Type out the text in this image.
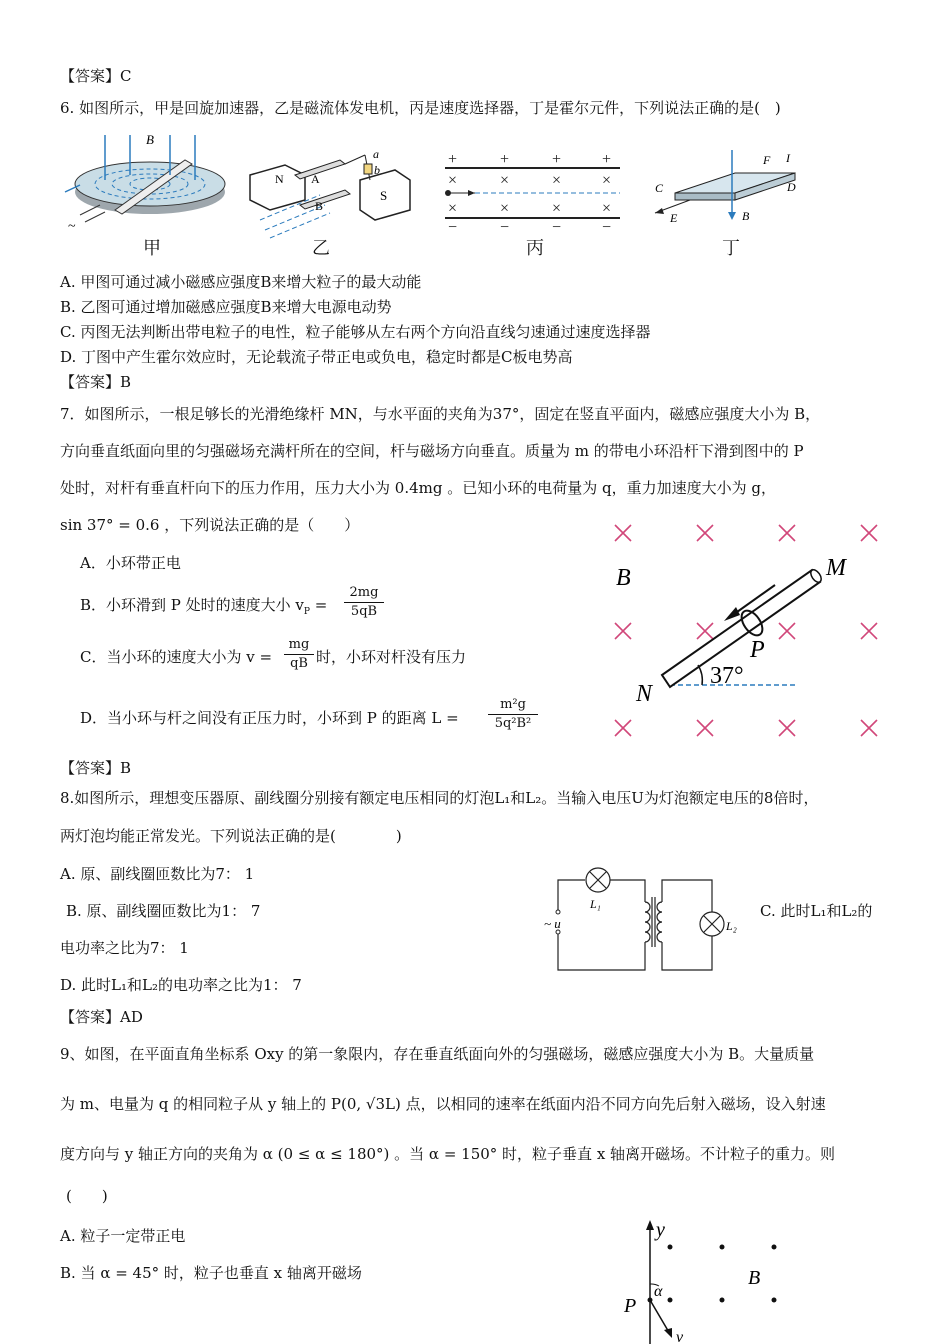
【答案】C
6. 如图所示，甲是回旋加速器，乙是磁流体发电机，丙是速度选择器，丁是霍尔元件，下列说法正确的是(　)
B
~
甲
a
b
N A
B
S
乙
+	+	+	+
×	×	×	×
×	×	×	×
−	−	−	−
丙
F I
C	D
E	B
丁
A. 甲图可通过减小磁感应强度B来增大粒子的最大动能
B. 乙图可通过增加磁感应强度B来增大电源电动势
C. 丙图无法判断出带电粒子的电性，粒子能够从左右两个方向沿直线匀速通过速度选择器
D. 丁图中产生霍尔效应时，无论载流子带正电或负电，稳定时都是C板电势高
【答案】B
7．如图所示，一根足够长的光滑绝缘杆 MN，与水平面的夹角为37°，固定在竖直平面内，磁感应强度大小为 B，
方向垂直纸面向里的匀强磁场充满杆所在的空间，杆与磁场方向垂直。质量为 m 的带电小环沿杆下滑到图中的 P
处时，对杆有垂直杆向下的压力作用，压力大小为 0.4mg 。已知小环的电荷量为 q，重力加速度大小为 g，
sin 37° = 0.6 ，下列说法正确的是（　　）
A．小环带正电
B．小环滑到 P 处时的速度大小 $v_P = \frac{2mg}{5qB}$
C．当小环的速度大小为 $v = \frac{mg}{qB}$ 时，小环对杆没有压力
D．当小环与杆之间没有正压力时，小环到 P 的距离 $L = \frac{\text{m²g}}{\text{5q²B²}}$
B	M
N
P
37°
【答案】B
8.如图所示，理想变压器原、副线圈分别接有额定电压相同的灯泡L₁和L₂。当输入电压U为灯泡额定电压的8倍时，
两灯泡均能正常发光。下列说法正确的是(　　　　)
A. 原、副线圈匝数比为7： 1
B. 原、副线圈匝数比为1： 7	C. 此时L₁和L₂的
电功率之比为7： 1
D. 此时L₁和L₂的电功率之比为1： 7
L₁
L₂
~ u
【答案】AD
9、如图，在平面直角坐标系 Oxy 的第一象限内，存在垂直纸面向外的匀强磁场，磁感应强度大小为 B。大量质量
为 m、电量为 q 的相同粒子从 y 轴上的 P(0, √3L) 点，以相同的速率在纸面内沿不同方向先后射入磁场，设入射速
度方向与 y 轴正方向的夹角为 α (0 ≤ α ≤ 180°) 。当 α = 150° 时，粒子垂直 x 轴离开磁场。不计粒子的重力。则
(　　)
A. 粒子一定带正电
B. 当 α = 45° 时，粒子也垂直 x 轴离开磁场
y
B
P
α
v
